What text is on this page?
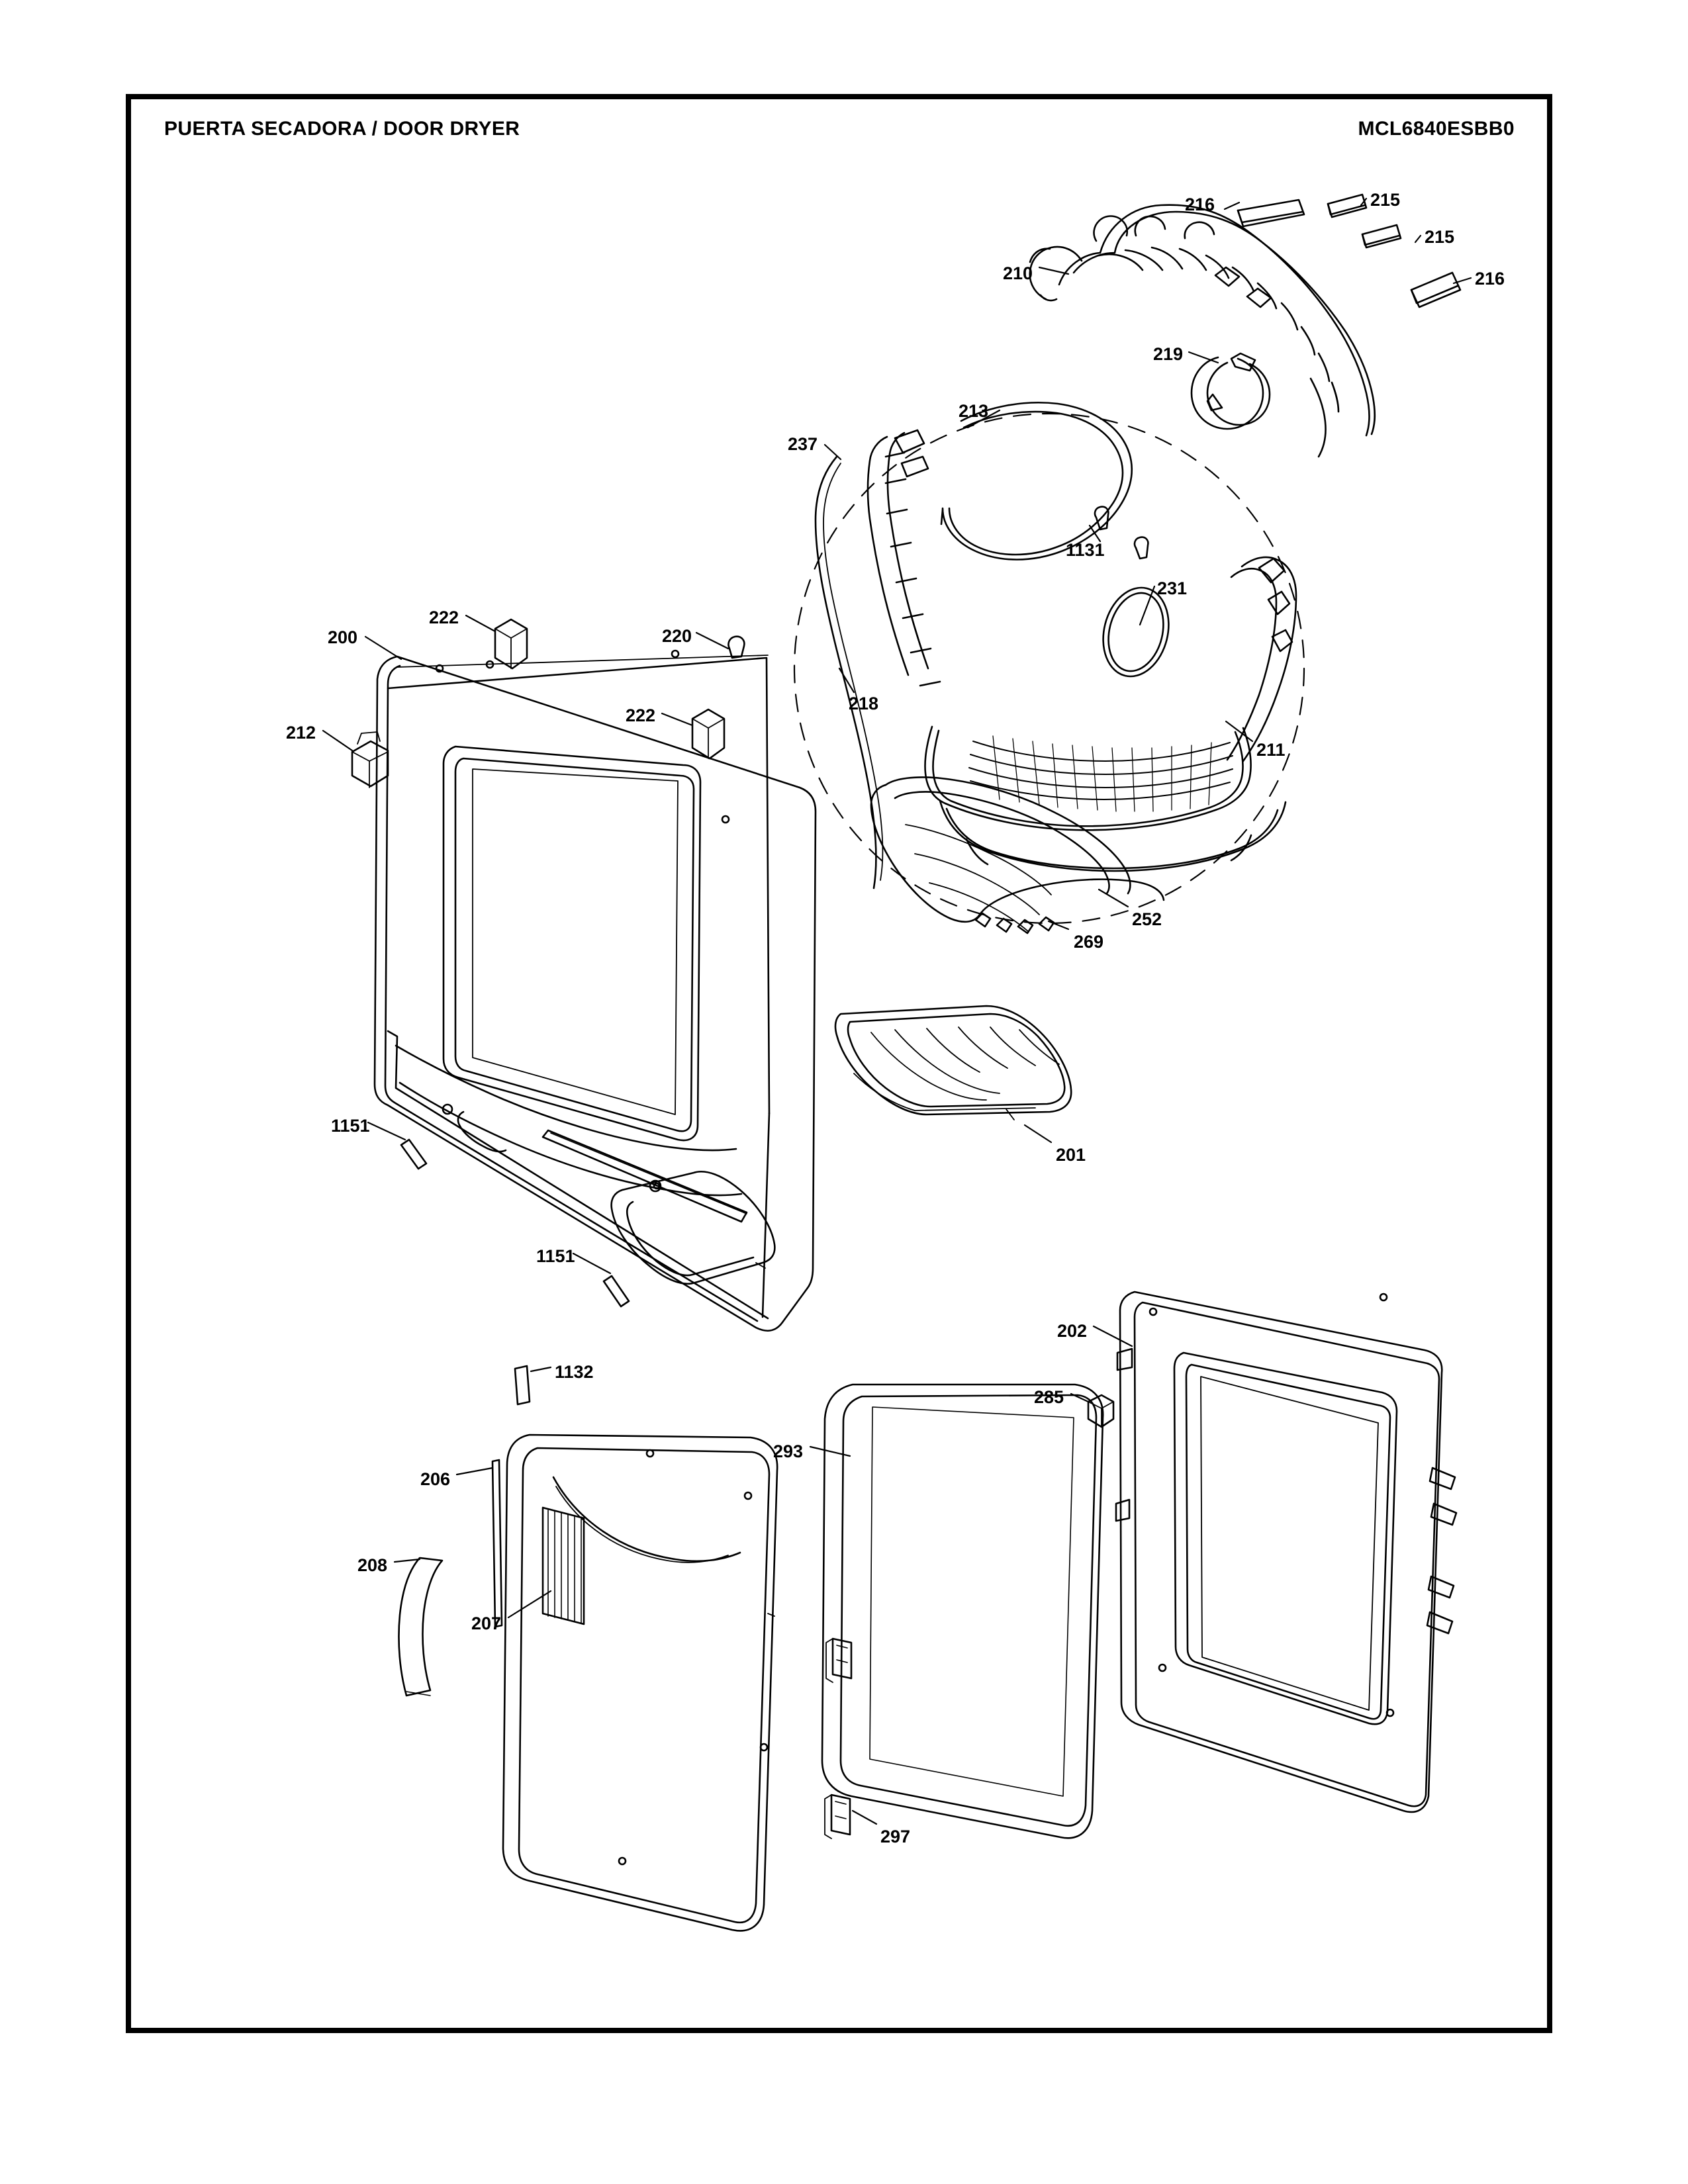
PUERTA SECADORA / DOOR DRYER	MCL6840ESBB0
216	215
215
210	216
219
213
237
1131
231
222
220
200
218
222
212
211
252
269
1151
201
1151
202
1132
285
293
206
208
207
297
